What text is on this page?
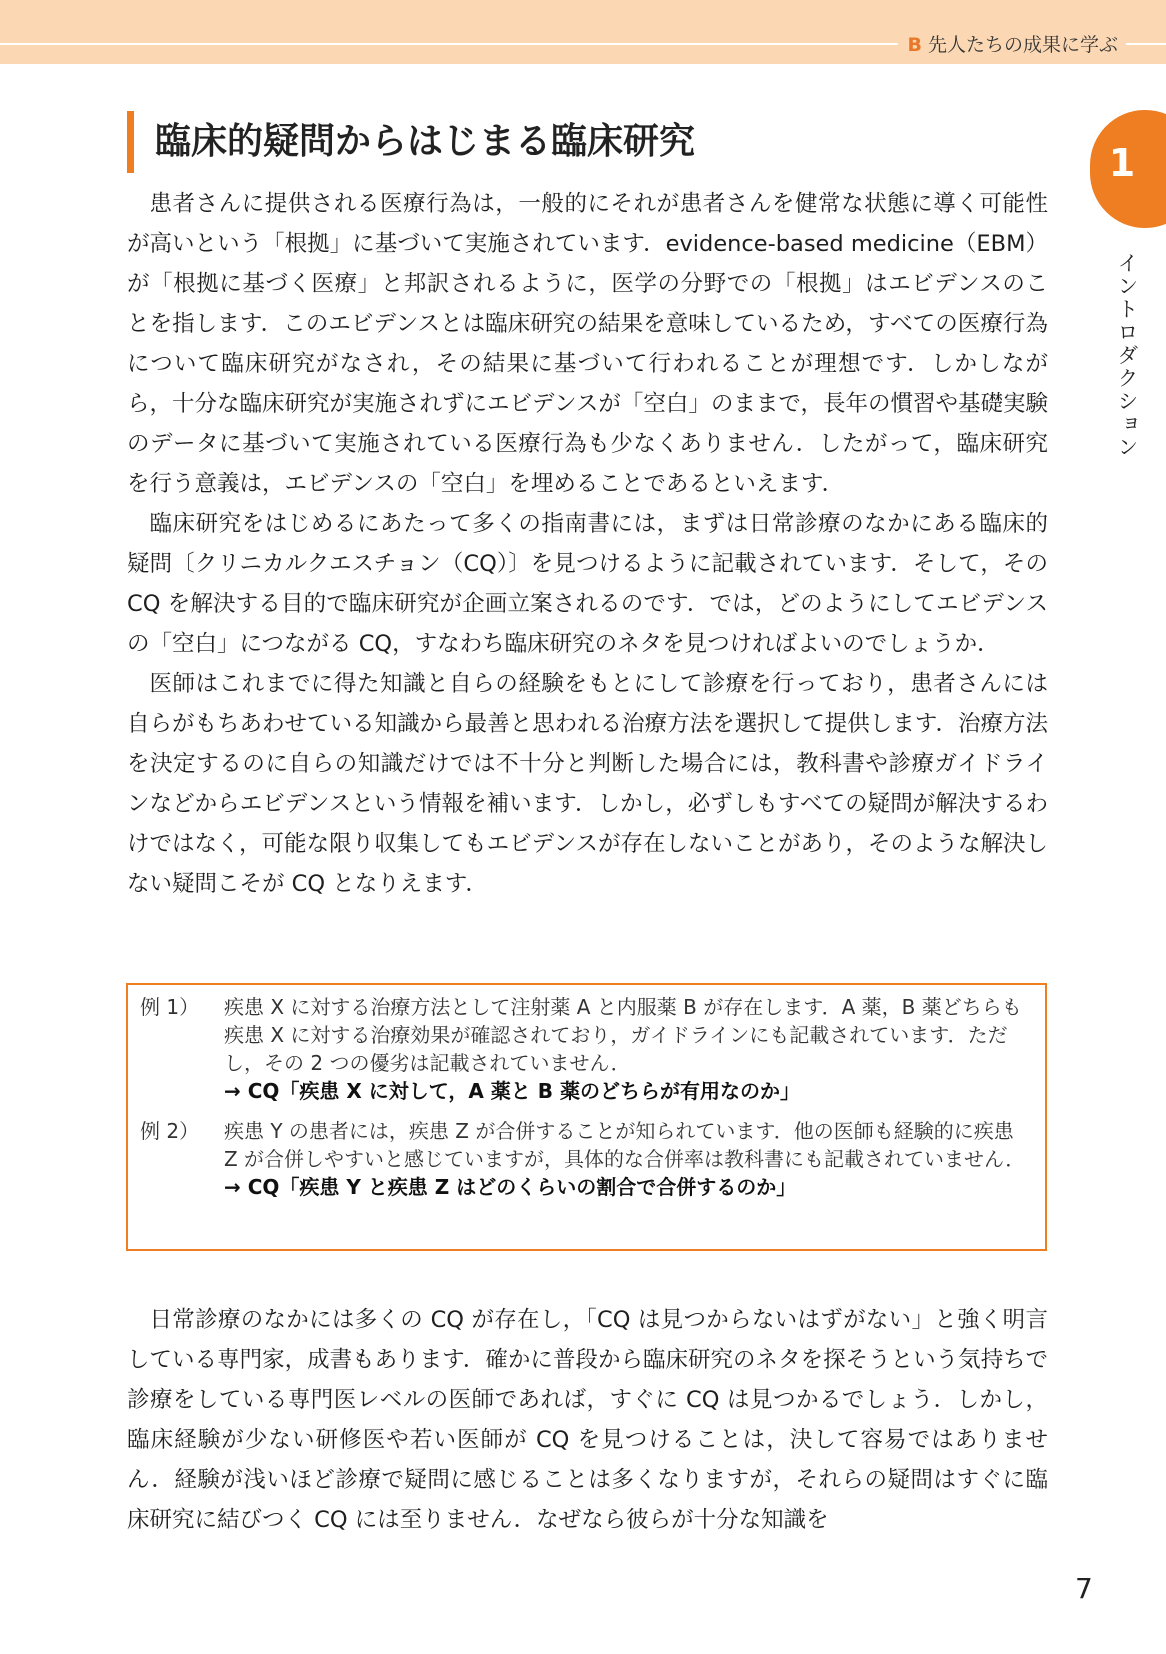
B 先人たちの成果に学ぶ
1
イントロダクション
臨床的疑問からはじまる臨床研究

患者さんに提供される医療行為は，一般的にそれが患者さんを健常な状態に導く可能性が高いという「根拠」に基づいて実施されています．evidence-based medicine（EBM）が「根拠に基づく医療」と邦訳されるように，医学の分野での「根拠」はエビデンスのことを指します．このエビデンスとは臨床研究の結果を意味しているため，すべての医療行為について臨床研究がなされ，その結果に基づいて行われることが理想です．しかしながら，十分な臨床研究が実施されずにエビデンスが「空白」のままで，長年の慣習や基礎実験のデータに基づいて実施されている医療行為も少なくありません．したがって，臨床研究を行う意義は，エビデンスの「空白」を埋めることであるといえます．

臨床研究をはじめるにあたって多くの指南書には，まずは日常診療のなかにある臨床的疑問〔クリニカルクエスチョン（CQ）〕を見つけるように記載されています．そして，その CQ を解決する目的で臨床研究が企画立案されるのです．では，どのようにしてエビデンスの「空白」につながる CQ，すなわち臨床研究のネタを見つければよいのでしょうか．

医師はこれまでに得た知識と自らの経験をもとにして診療を行っており，患者さんには自らがもちあわせている知識から最善と思われる治療方法を選択して提供します．治療方法を決定するのに自らの知識だけでは不十分と判断した場合には，教科書や診療ガイドラインなどからエビデンスという情報を補います．しかし，必ずしもすべての疑問が解決するわけではなく，可能な限り収集してもエビデンスが存在しないことがあり，そのような解決しない疑問こそが CQ となりえます．

例 1）	疾患 X に対する治療方法として注射薬 A と内服薬 B が存在します．A 薬，B 薬どちらも疾患 X に対する治療効果が確認されており，ガイドラインにも記載されています．ただし，その 2 つの優劣は記載されていません．
→ CQ「疾患 X に対して，A 薬と B 薬のどちらが有用なのか」
例 2）	疾患 Y の患者には，疾患 Z が合併することが知られています．他の医師も経験的に疾患 Z が合併しやすいと感じていますが，具体的な合併率は教科書にも記載されていません．
→ CQ「疾患 Y と疾患 Z はどのくらいの割合で合併するのか」

日常診療のなかには多くの CQ が存在し，「CQ は見つからないはずがない」と強く明言している専門家，成書もあります．確かに普段から臨床研究のネタを探そうという気持ちで診療をしている専門医レベルの医師であれば，すぐに CQ は見つかるでしょう．しかし，臨床経験が少ない研修医や若い医師が CQ を見つけることは，決して容易ではありません．経験が浅いほど診療で疑問に感じることは多くなりますが，それらの疑問はすぐに臨床研究に結びつく CQ には至りません．なぜなら彼らが十分な知識を

7
